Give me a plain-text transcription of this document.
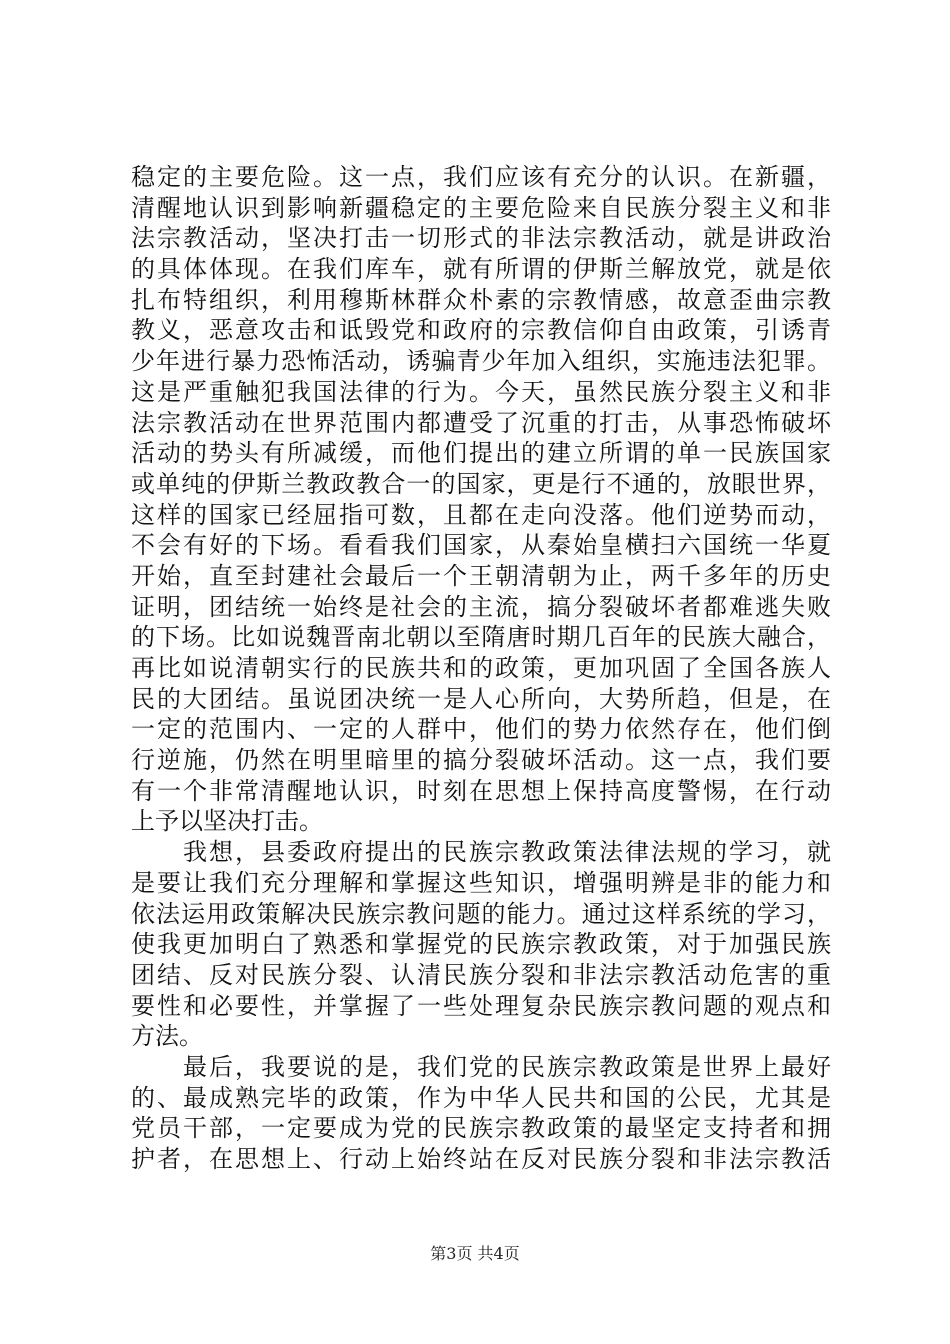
稳定的主要危险。这一点，我们应该有充分的认识。在新疆，
清醒地认识到影响新疆稳定的主要危险来自民族分裂主义和非
法宗教活动，坚决打击一切形式的非法宗教活动，就是讲政治
的具体体现。在我们库车，就有所谓的伊斯兰解放党，就是依
扎布特组织，利用穆斯林群众朴素的宗教情感，故意歪曲宗教
教义，恶意攻击和诋毁党和政府的宗教信仰自由政策，引诱青
少年进行暴力恐怖活动，诱骗青少年加入组织，实施违法犯罪。
这是严重触犯我国法律的行为。今天，虽然民族分裂主义和非
法宗教活动在世界范围内都遭受了沉重的打击，从事恐怖破坏
活动的势头有所减缓，而他们提出的建立所谓的单一民族国家
或单纯的伊斯兰教政教合一的国家，更是行不通的，放眼世界，
这样的国家已经屈指可数，且都在走向没落。他们逆势而动，
不会有好的下场。看看我们国家，从秦始皇横扫六国统一华夏
开始，直至封建社会最后一个王朝清朝为止，两千多年的历史
证明，团结统一始终是社会的主流，搞分裂破坏者都难逃失败
的下场。比如说魏晋南北朝以至隋唐时期几百年的民族大融合，
再比如说清朝实行的民族共和的政策，更加巩固了全国各族人
民的大团结。虽说团决统一是人心所向，大势所趋，但是，在
一定的范围内、一定的人群中，他们的势力依然存在，他们倒
行逆施，仍然在明里暗里的搞分裂破坏活动。这一点，我们要
有一个非常清醒地认识，时刻在思想上保持高度警惕，在行动
上予以坚决打击。
　　我想，县委政府提出的民族宗教政策法律法规的学习，就
是要让我们充分理解和掌握这些知识，增强明辨是非的能力和
依法运用政策解决民族宗教问题的能力。通过这样系统的学习，
使我更加明白了熟悉和掌握党的民族宗教政策，对于加强民族
团结、反对民族分裂、认清民族分裂和非法宗教活动危害的重
要性和必要性，并掌握了一些处理复杂民族宗教问题的观点和
方法。
　　最后，我要说的是，我们党的民族宗教政策是世界上最好
的、最成熟完毕的政策，作为中华人民共和国的公民，尤其是
党员干部，一定要成为党的民族宗教政策的最坚定支持者和拥
护者，在思想上、行动上始终站在反对民族分裂和非法宗教活
第3页 共4页
